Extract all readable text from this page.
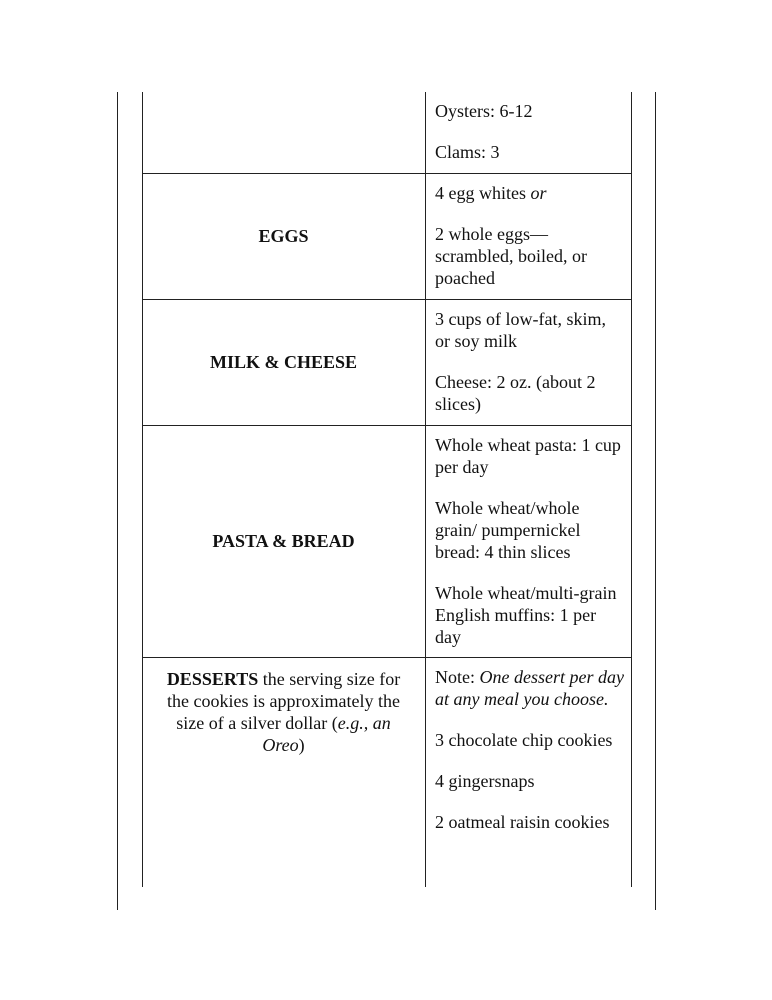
Oysters: 6-12

Clams: 3

EGGS

4 egg whites or

2 whole eggs—scrambled, boiled, or poached

MILK & CHEESE

3 cups of low-fat, skim, or soy milk

Cheese: 2 oz. (about 2 slices)

PASTA & BREAD

Whole wheat pasta: 1 cup per day

Whole wheat/whole grain/ pumpernickel bread: 4 thin slices

Whole wheat/multi-grain English muffins: 1 per day

DESSERTS the serving size for the cookies is approximately the size of a silver dollar (e.g., an Oreo)

Note: One dessert per day at any meal you choose.

3 chocolate chip cookies

4 gingersnaps

2 oatmeal raisin cookies
